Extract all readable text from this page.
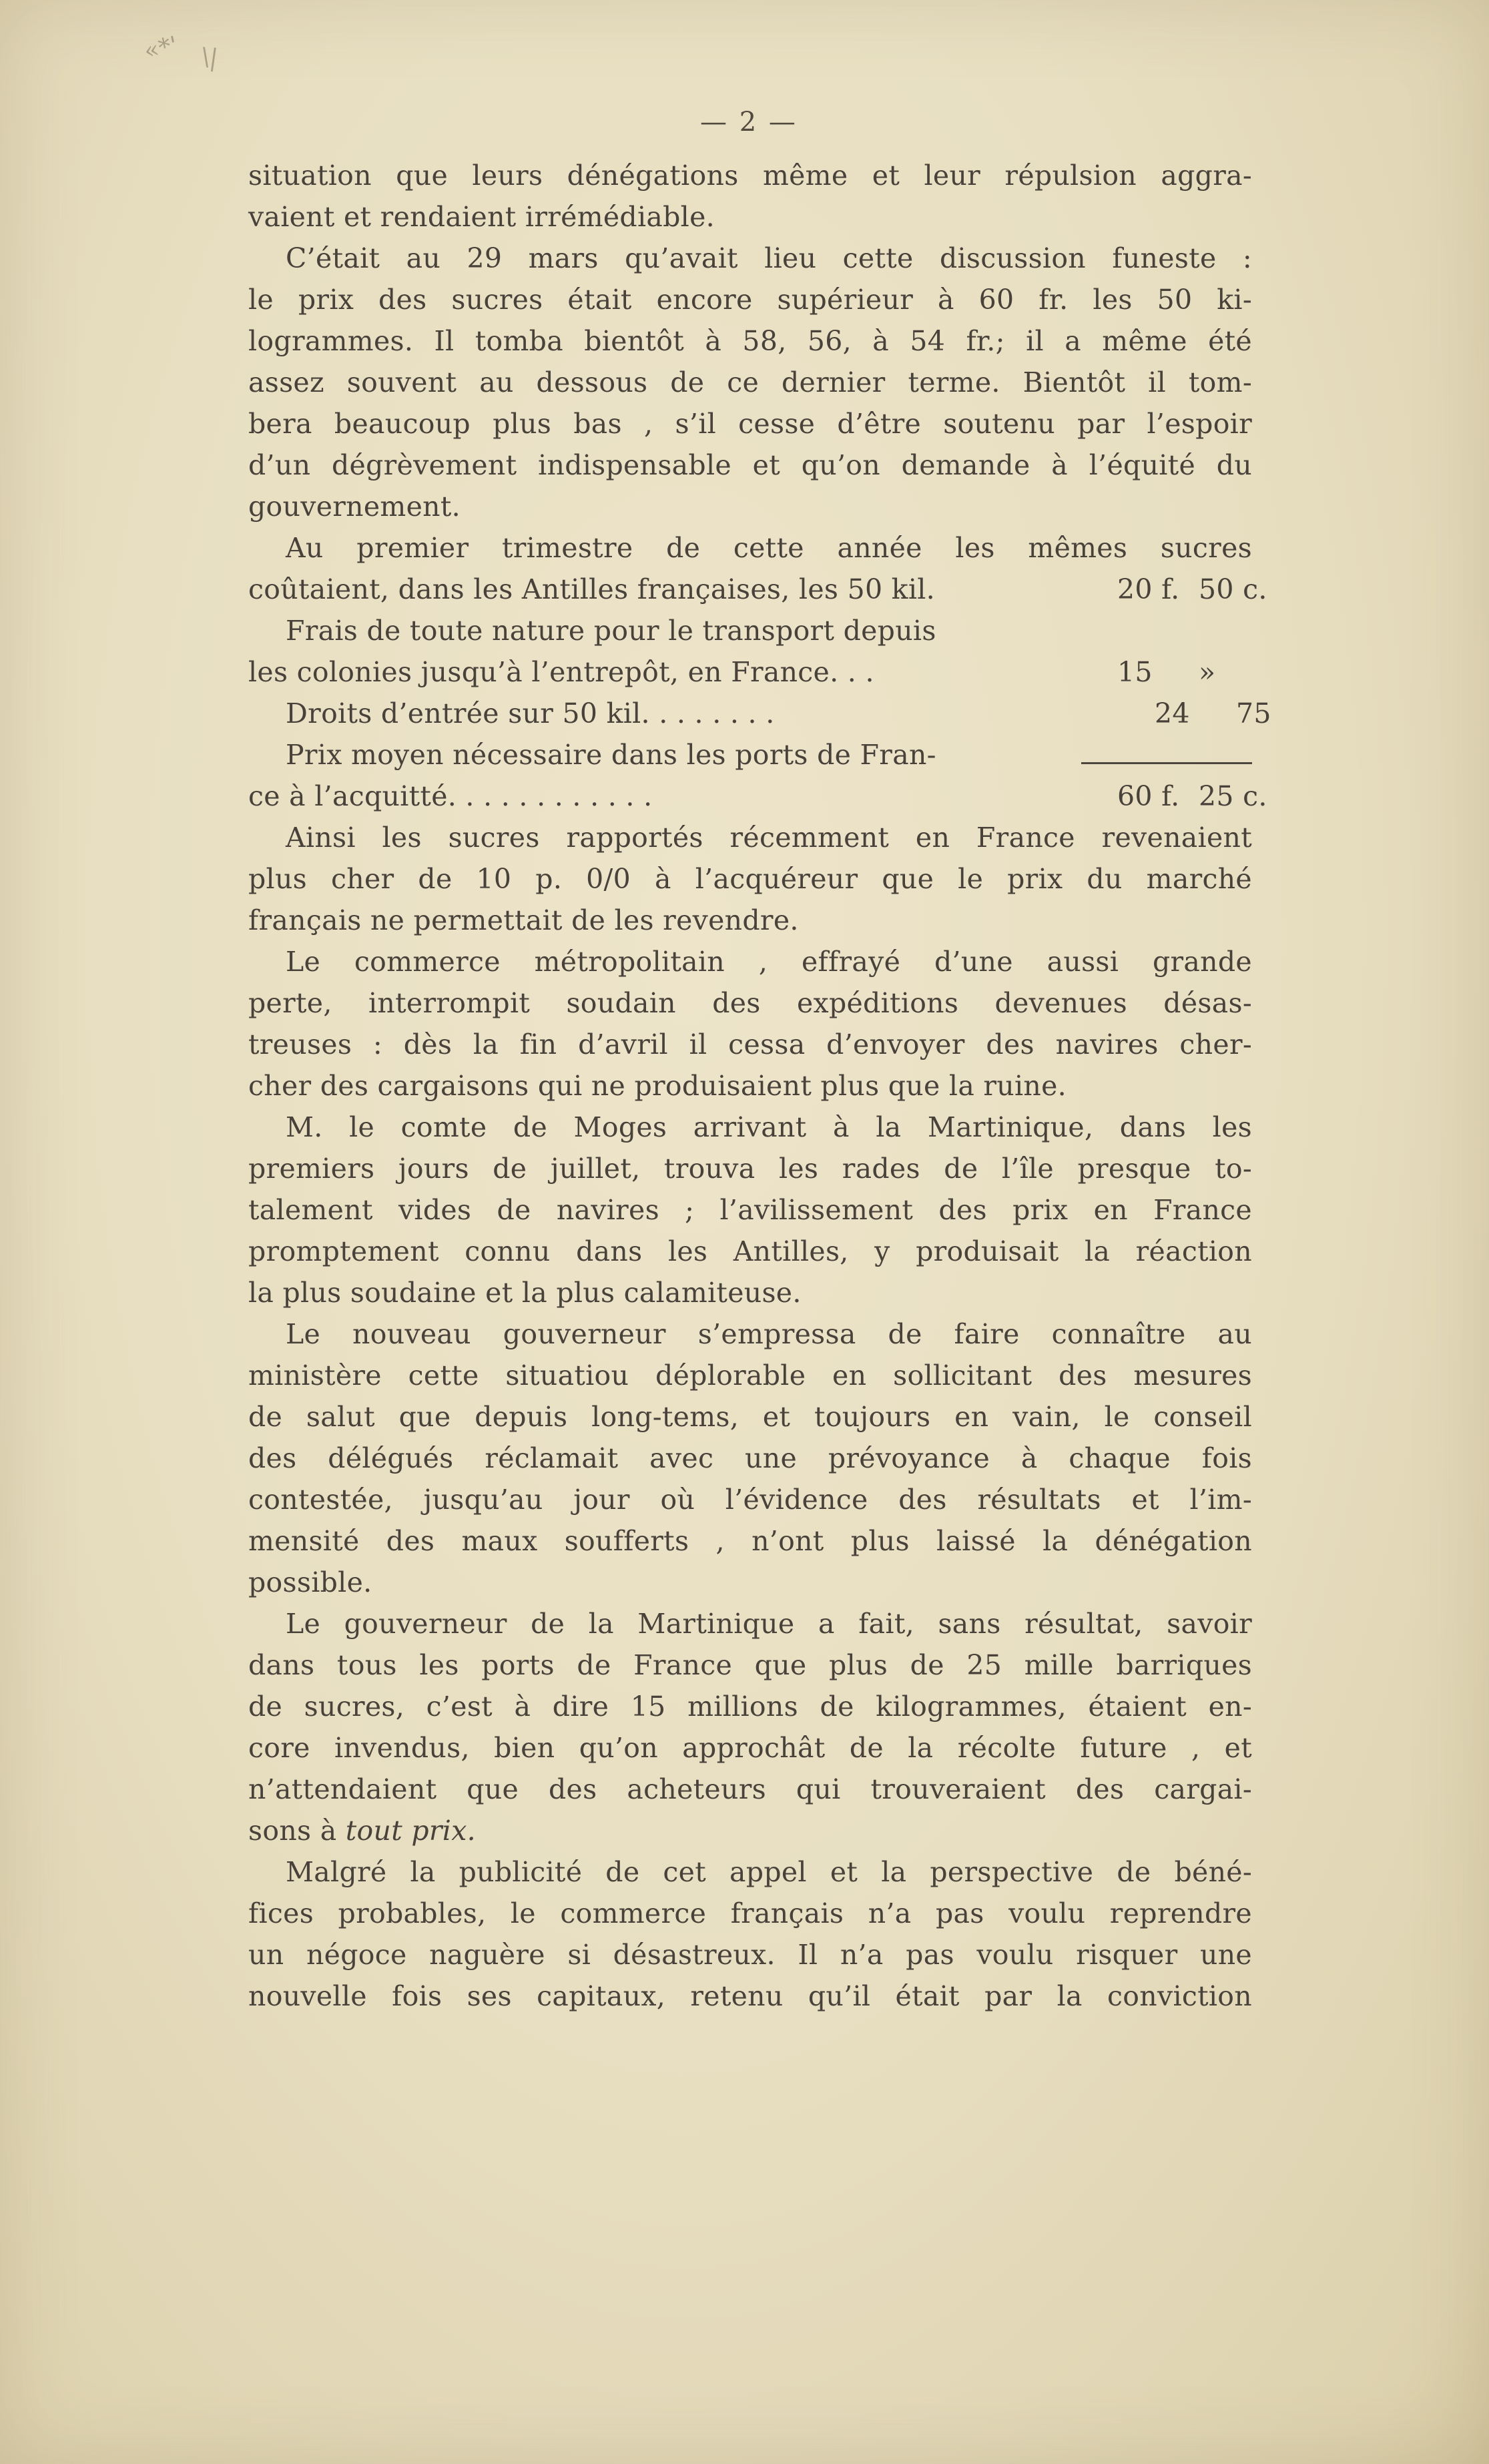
«*' \|
— 2 —
situation que leurs dénégations même et leur répulsion aggra-
vaient et rendaient irrémédiable.
C’était au 29 mars qu’avait lieu cette discussion funeste :
le prix des sucres était encore supérieur à 60 fr. les 50 ki-
logrammes. Il tomba bientôt à 58, 56, à 54 fr.; il a même été
assez souvent au dessous de ce dernier terme. Bientôt il tom-
bera beaucoup plus bas , s’il cesse d’être soutenu par l’espoir
d’un dégrèvement indispensable et qu’on demande à l’équité du
gouvernement.
Au premier trimestre de cette année les mêmes sucres
coûtaient, dans les Antilles françaises, les 50 kil.	20 f. 50 c.
Frais de toute nature pour le transport depuis
les colonies jusqu’à l’entrepôt, en France. . .	15 »
Droits d’entrée sur 50 kil. . . . . . . .	24	75
Prix moyen nécessaire dans les ports de Fran-
ce à l’acquitté. . . . . . . . . . . .	60 f. 25 c.
Ainsi les sucres rapportés récemment en France revenaient
plus cher de 10 p. 0/0 à l’acquéreur que le prix du marché
français ne permettait de les revendre.
Le commerce métropolitain , effrayé d’une aussi grande
perte, interrompit soudain des expéditions devenues désas-
treuses : dès la fin d’avril il cessa d’envoyer des navires cher-
cher des cargaisons qui ne produisaient plus que la ruine.
M. le comte de Moges arrivant à la Martinique, dans les
premiers jours de juillet, trouva les rades de l’île presque to-
talement vides de navires ; l’avilissement des prix en France
promptement connu dans les Antilles, y produisait la réaction
la plus soudaine et la plus calamiteuse.
Le nouveau gouverneur s’empressa de faire connaître au
ministère cette situatiou déplorable en sollicitant des mesures
de salut que depuis long-tems, et toujours en vain, le conseil
des délégués réclamait avec une prévoyance à chaque fois
contestée, jusqu’au jour où l’évidence des résultats et l’im-
mensité des maux soufferts , n’ont plus laissé la dénégation
possible.
Le gouverneur de la Martinique a fait, sans résultat, savoir
dans tous les ports de France que plus de 25 mille barriques
de sucres, c’est à dire 15 millions de kilogrammes, étaient en-
core invendus, bien qu’on approchât de la récolte future , et
n’attendaient que des acheteurs qui trouveraient des cargai-
sons à tout prix.
Malgré la publicité de cet appel et la perspective de béné-
fices probables, le commerce français n’a pas voulu reprendre
un négoce naguère si désastreux. Il n’a pas voulu risquer une
nouvelle fois ses capitaux, retenu qu’il était par la conviction
